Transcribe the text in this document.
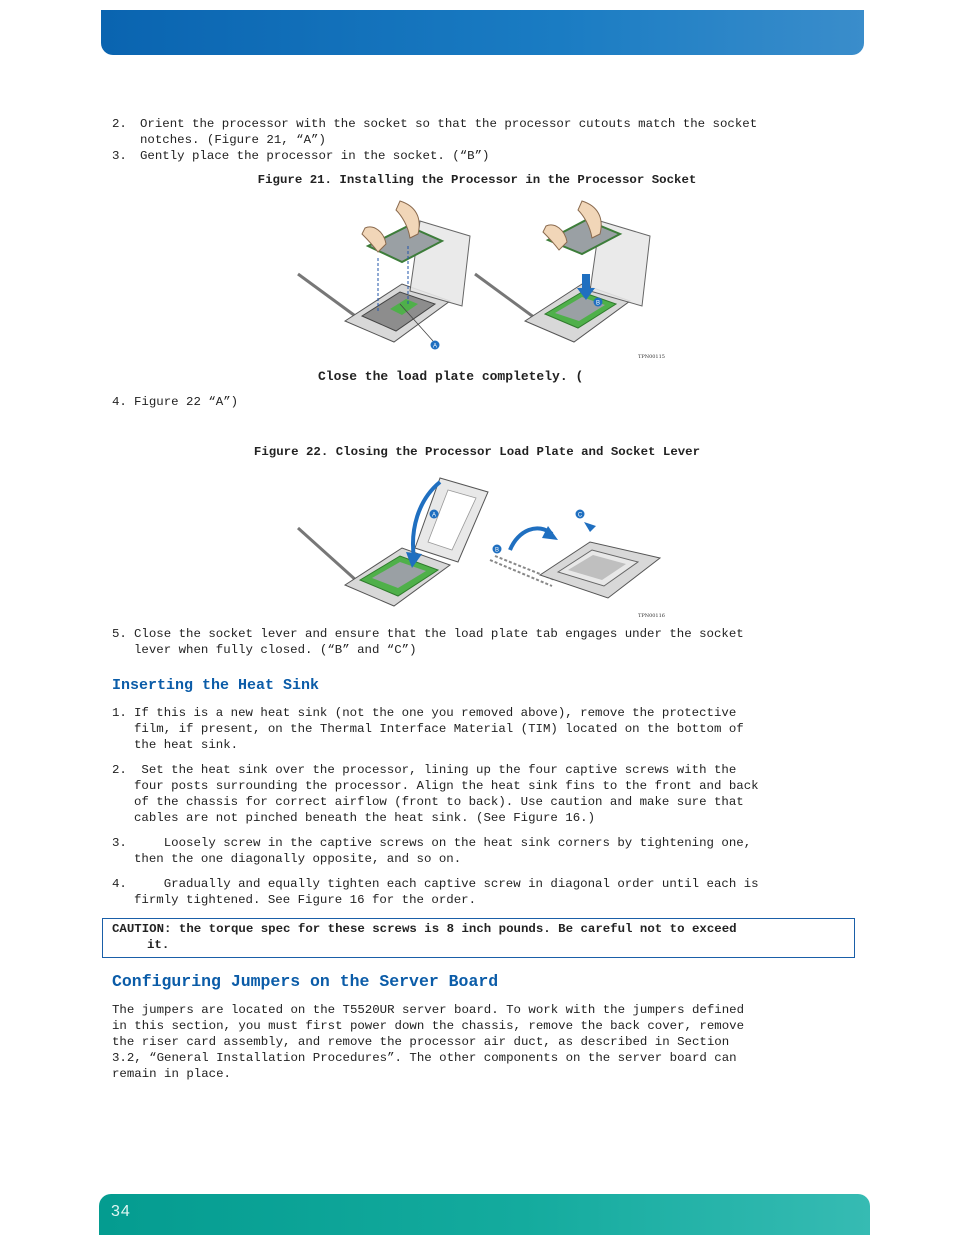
2. Orient the processor with the socket so that the processor cutouts match the socket
notches. (Figure 21, “A”)
3. Gently place the processor in the socket. (“B”)
Figure 21. Installing the Processor in the Processor Socket
A
B
TPN00115
Close the load plate completely. (
4. Figure 22 “A”)
Figure 22. Closing the Processor Load Plate and Socket Lever
A
B
C
TPN00116
5. Close the socket lever and ensure that the load plate tab engages under the socket
lever when fully closed. (“B” and “C”)
Inserting the Heat Sink
1. If this is a new heat sink (not the one you removed above), remove the protective
film, if present, on the Thermal Interface Material (TIM) located on the bottom of
the heat sink.
2. Set the heat sink over the processor, lining up the four captive screws with the
four posts surrounding the processor. Align the heat sink fins to the front and back
of the chassis for correct airflow (front to back). Use caution and make sure that
cables are not pinched beneath the heat sink. (See Figure 16.)
3. Loosely screw in the captive screws on the heat sink corners by tightening one,
then the one diagonally opposite, and so on.
4. Gradually and equally tighten each captive screw in diagonal order until each is
firmly tightened. See Figure 16 for the order.
CAUTION: the torque spec for these screws is 8 inch pounds. Be careful not to exceed
it.
Configuring Jumpers on the Server Board

The jumpers are located on the T5520UR server board. To work with the jumpers defined

in this section, you must first power down the chassis, remove the back cover, remove

the riser card assembly, and remove the processor air duct, as described in Section

3.2, “General Installation Procedures”. The other components on the server board can

remain in place.

34
